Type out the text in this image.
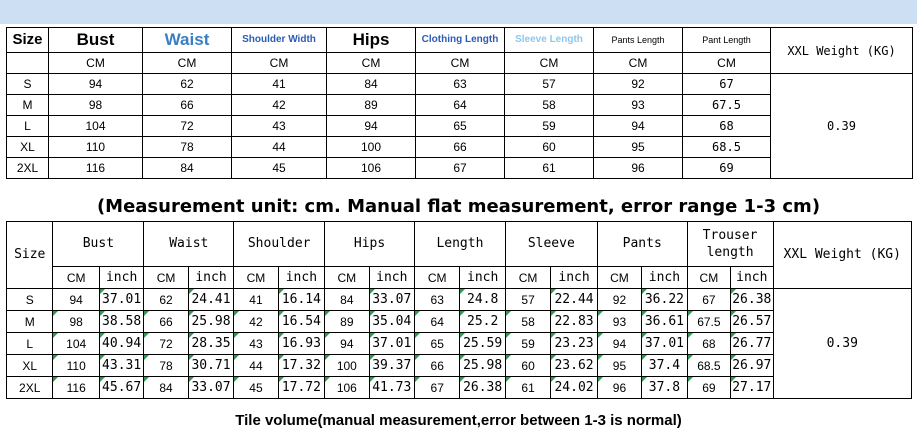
Size	Bust	Waist	Shoulder Width	Hips	Clothing Length	Sleeve Length	Pants Length	Pant Length	XXL Weight (KG)
	CM	CM	CM	CM	CM	CM	CM	CM	
S	94	62	41	84	63	57	92	67	0.39
M	98	66	42	89	64	58	93	67.5	
L	104	72	43	94	65	59	94	68	
XL	110	78	44	100	66	60	95	68.5	
2XL	116	84	45	106	67	61	96	69	
(Measurement unit: cm. Manual flat measurement, error range 1-3 cm)
Size	Bust		Waist		Shoulder		Hips		Length		Sleeve		Pants		Trouser length		XXL Weight (KG)
	CM	inch	CM	inch	CM	inch	CM	inch	CM	inch	CM	inch	CM	inch	CM	inch	
S	94	37.01	62	24.41	41	16.14	84	33.07	63	24.8	57	22.44	92	36.22	67	26.38	0.39
M	98	38.58	66	25.98	42	16.54	89	35.04	64	25.2	58	22.83	93	36.61	67.5	26.57	
L	104	40.94	72	28.35	43	16.93	94	37.01	65	25.59	59	23.23	94	37.01	68	26.77	
XL	110	43.31	78	30.71	44	17.32	100	39.37	66	25.98	60	23.62	95	37.4	68.5	26.97	
2XL	116	45.67	84	33.07	45	17.72	106	41.73	67	26.38	61	24.02	96	37.8	69	27.17	
Tile volume(manual measurement,error between 1-3 is normal)
